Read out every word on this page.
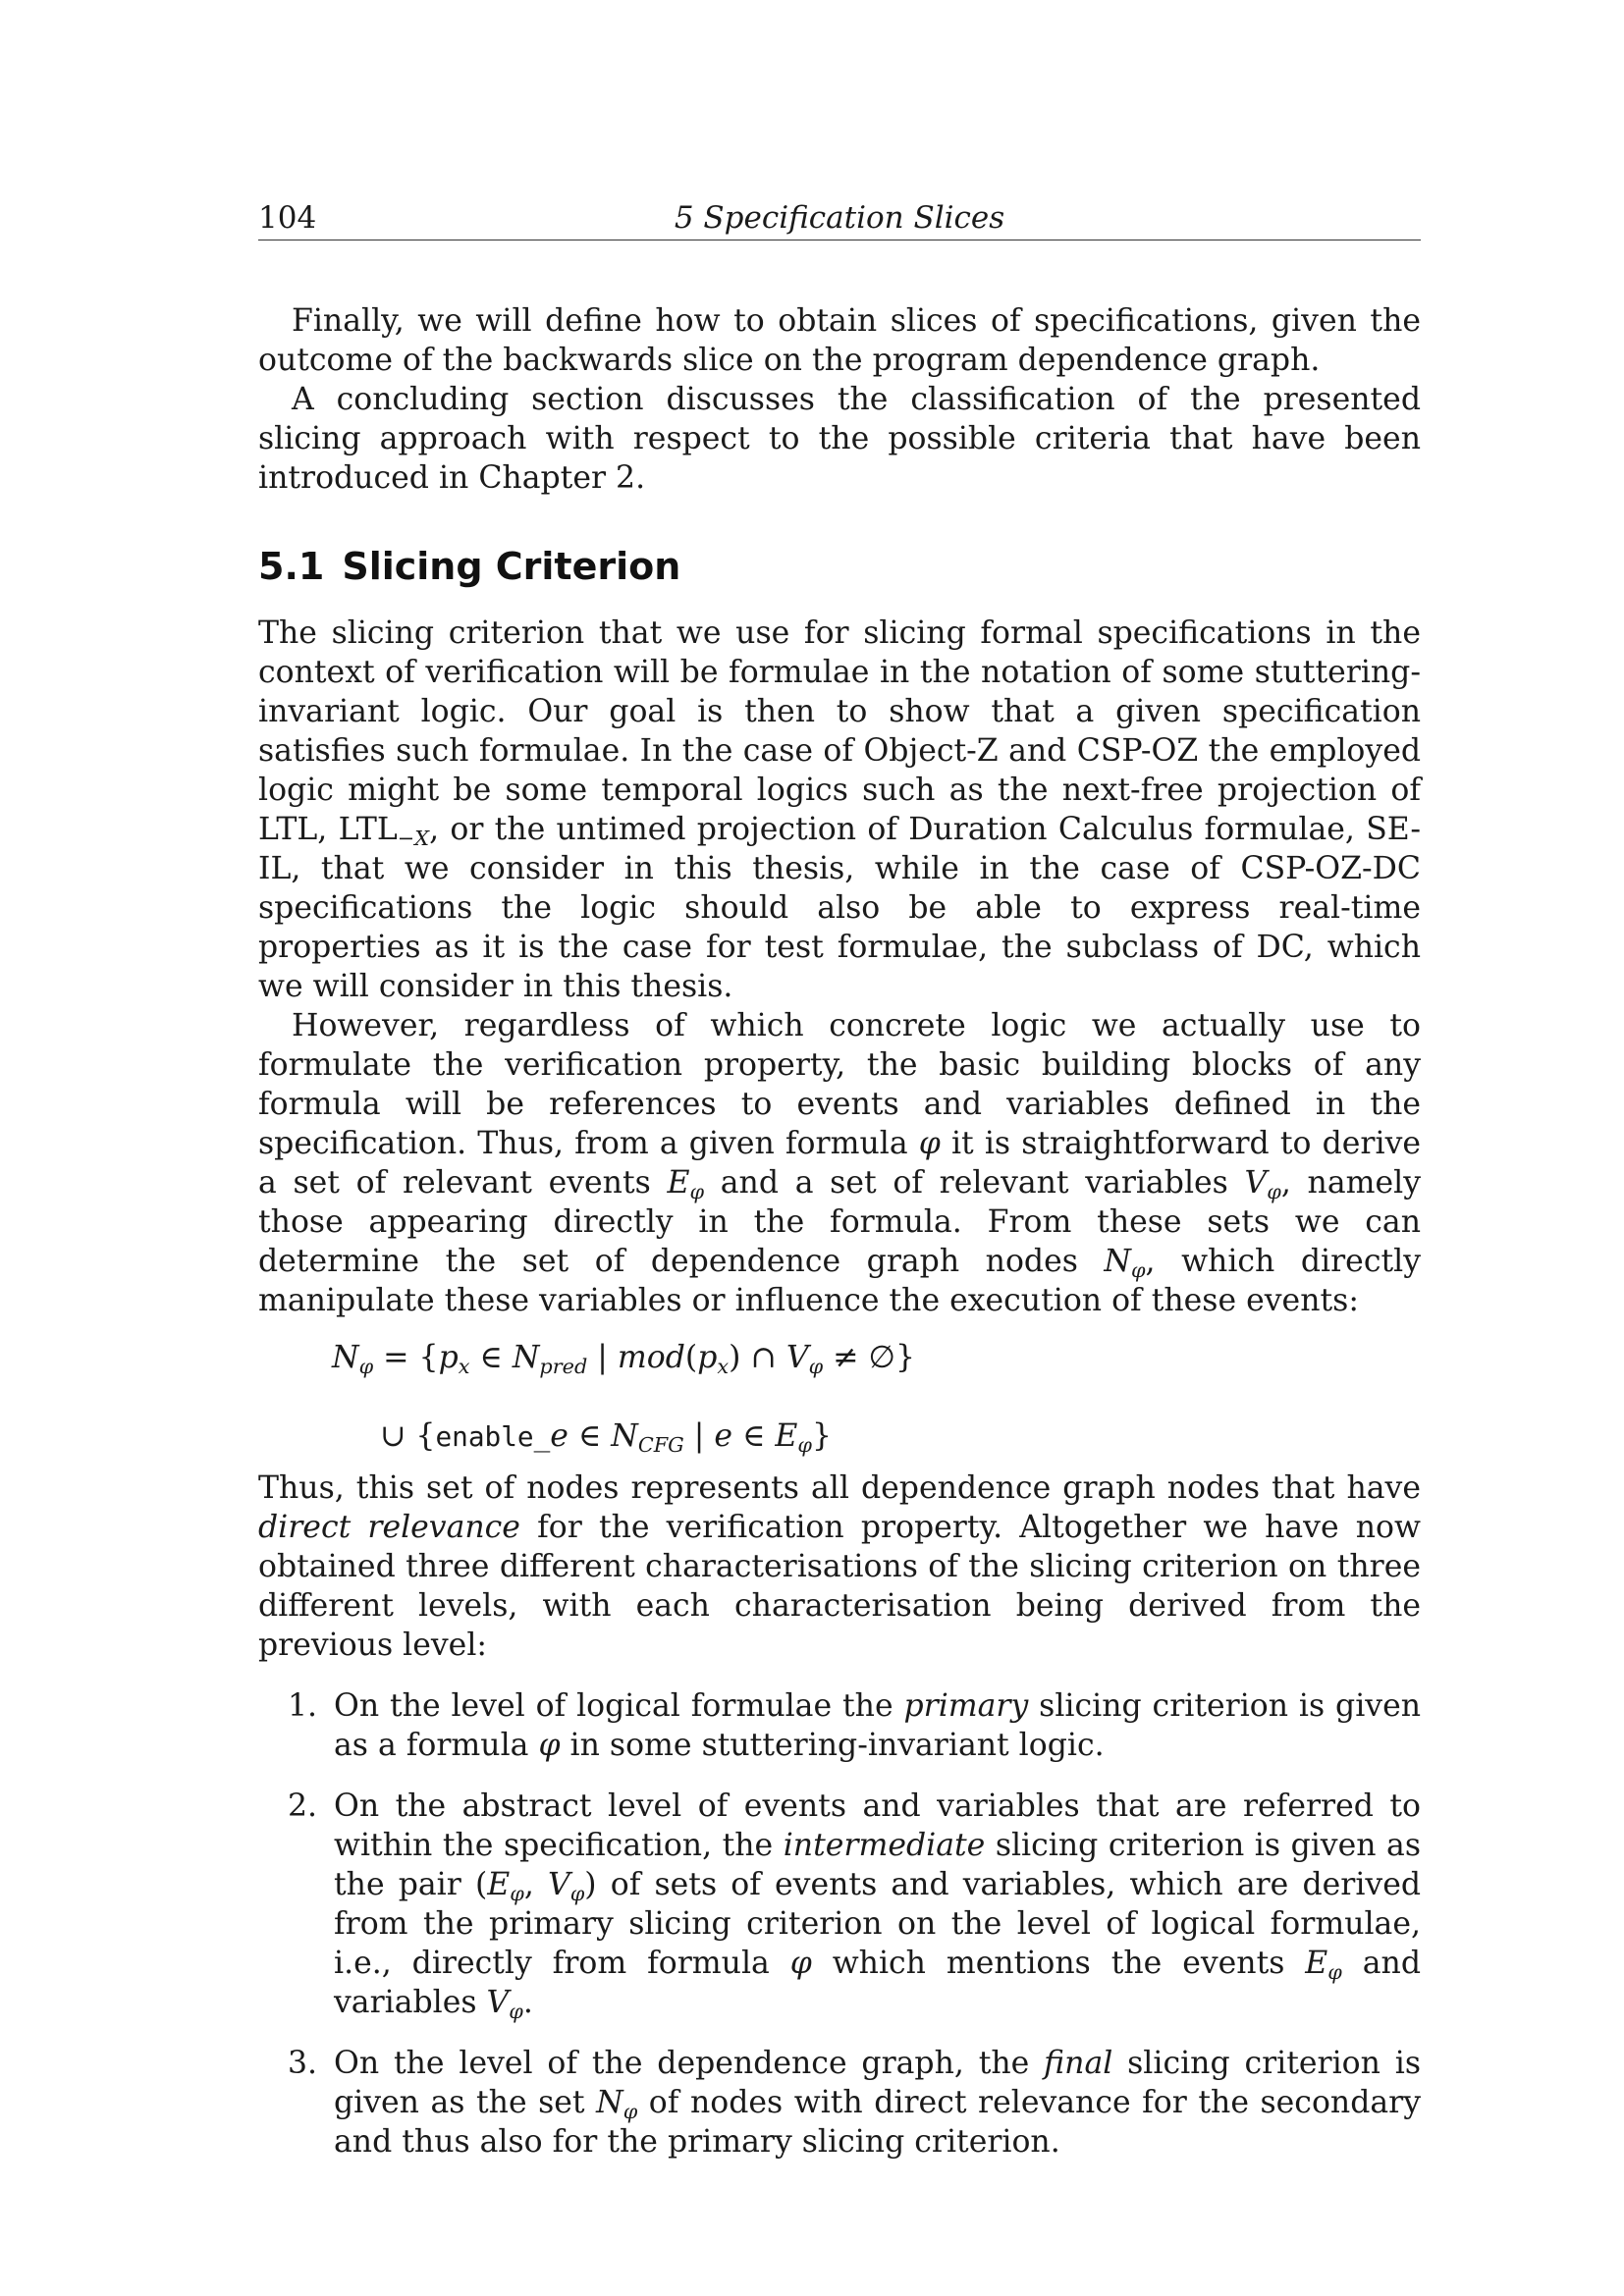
104	5 Specification Slices

Finally, we will define how to obtain slices of specifications, given the outcome of the backwards slice on the program dependence graph.

A concluding section discusses the classification of the presented slicing approach with respect to the possible criteria that have been introduced in Chapter 2.

5.1 Slicing Criterion

The slicing criterion that we use for slicing formal specifications in the context of verification will be formulae in the notation of some stuttering-invariant logic. Our goal is then to show that a given specification satisfies such formulae. In the case of Object-Z and CSP-OZ the employed logic might be some temporal logics such as the next-free projection of LTL, $LTL_{-X}$, or the untimed projection of Duration Calculus formulae, SE-IL, that we consider in this thesis, while in the case of CSP-OZ-DC specifications the logic should also be able to express real-time properties as it is the case for test formulae, the subclass of DC, which we will consider in this thesis.

However, regardless of which concrete logic we actually use to formulate the verification property, the basic building blocks of any formula will be references to events and variables defined in the specification. Thus, from a given formula φ it is straightforward to derive a set of relevant events $E_\varphi$ and a set of relevant variables $V_\varphi$, namely those appearing directly in the formula. From these sets we can determine the set of dependence graph nodes $N_\varphi$, which directly manipulate these variables or influence the execution of these events:

$N_\varphi = \{p_x$ ∈ $N_{pred}$ | $mod(p_x)$ ∩ $V_\varphi$ ≠ ∅}
∪ {enable_e ∈ $N_{CFG}$ | e ∈ $E_\varphi$}

Thus, this set of nodes represents all dependence graph nodes that have direct relevance for the verification property. Altogether we have now obtained three different characterisations of the slicing criterion on three different levels, with each characterisation being derived from the previous level:

1. On the level of logical formulae the primary slicing criterion is given as a formula φ in some stuttering-invariant logic.
2. On the abstract level of events and variables that are referred to within the specification, the intermediate slicing criterion is given as the pair ($E_\varphi$, $V_\varphi$) of sets of events and variables, which are derived from the primary slicing criterion on the level of logical formulae, i.e., directly from formula φ which mentions the events $E_\varphi$ and variables $V_\varphi$.
3. On the level of the dependence graph, the final slicing criterion is given as the set $N_\varphi$ of nodes with direct relevance for the secondary and thus also for the primary slicing criterion.
